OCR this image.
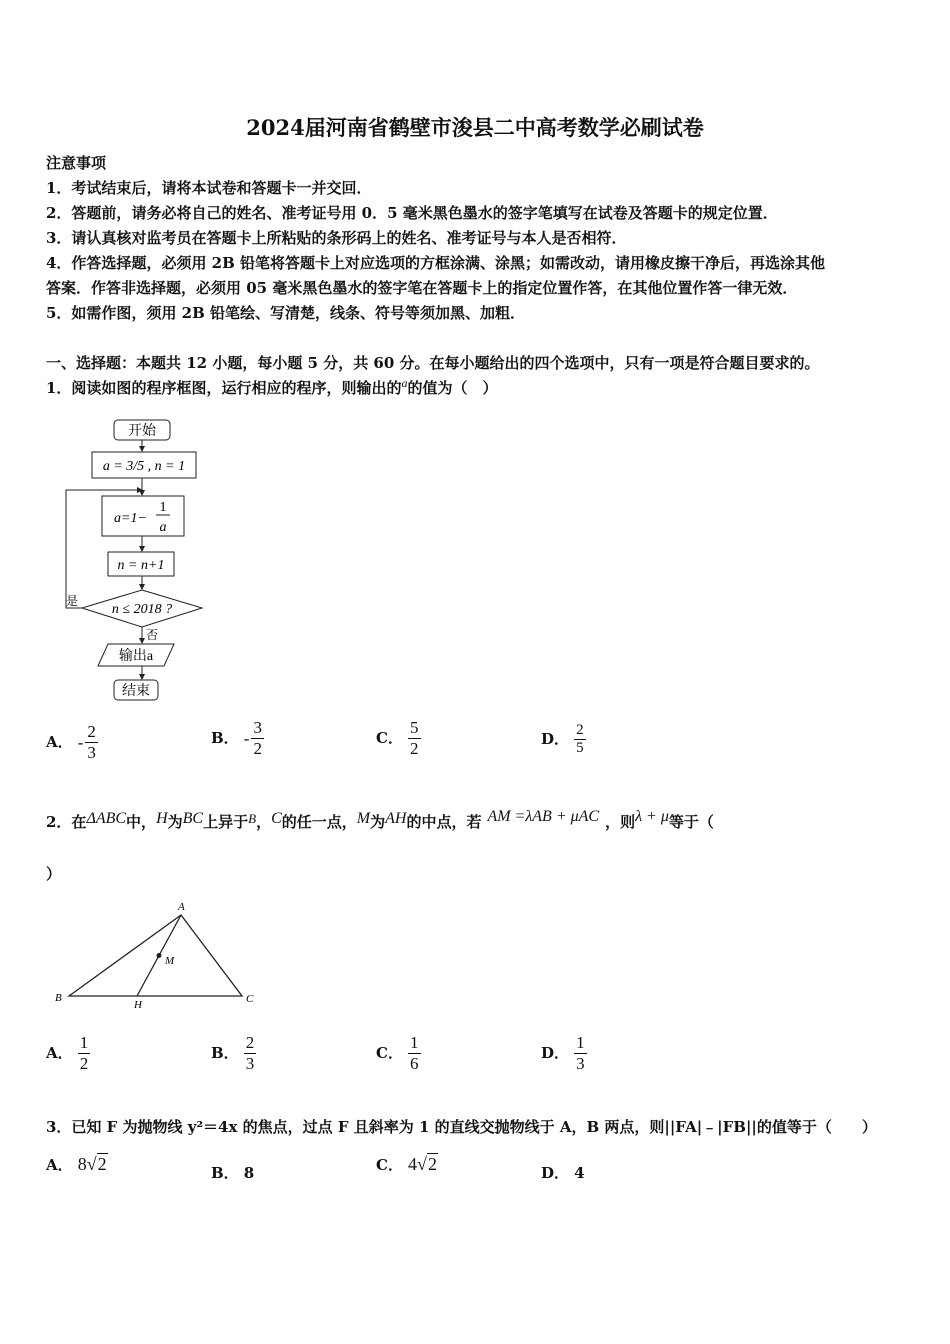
2024届河南省鹤壁市浚县二中高考数学必刷试卷
注意事项
1．考试结束后，请将本试卷和答题卡一并交回．
2．答题前，请务必将自己的姓名、准考证号用 0．5 毫米黑色墨水的签字笔填写在试卷及答题卡的规定位置．
3．请认真核对监考员在答题卡上所粘贴的条形码上的姓名、准考证号与本人是否相符．
4．作答选择题，必须用 2B 铅笔将答题卡上对应选项的方框涂满、涂黑；如需改动，请用橡皮擦干净后，再选涂其他
答案．作答非选择题，必须用 05 毫米黑色墨水的签字笔在答题卡上的指定位置作答，在其他位置作答一律无效．
5．如需作图，须用 2B 铅笔绘、写清楚，线条、符号等须加黑、加粗．
一、选择题：本题共 12 小题，每小题 5 分，共 60 分。在每小题给出的四个选项中，只有一项是符合题目要求的。
1．阅读如图的程序框图，运行相应的程序，则输出的$^a$的值为（　）
开始
a = 3/5 , n = 1
a=1−
1
a
n = n+1
n ≤ 2018 ?
是
否
输出a
结束
A． - $\frac{2}{3}$	B． - $\frac{3}{2}$	C． $\frac{5}{2}$	D． $\frac{2}{5}$
2．在ΔABC中，H为BC上异于B，C的任一点，M为AH的中点，若 AM =λAB + μAC ，则λ + μ等于（
）
A
B	C
H
M
A． $\frac{1}{2}$	B． $\frac{2}{3}$	C． $\frac{1}{6}$	D． $\frac{1}{3}$
3．已知 F 为抛物线 y²＝4x 的焦点，过点 F 且斜率为 1 的直线交抛物线于 A，B 两点，则||FA|﹣|FB||的值等于（　　）
A． 8√2	B． 8	C． 4√2	D． 4
